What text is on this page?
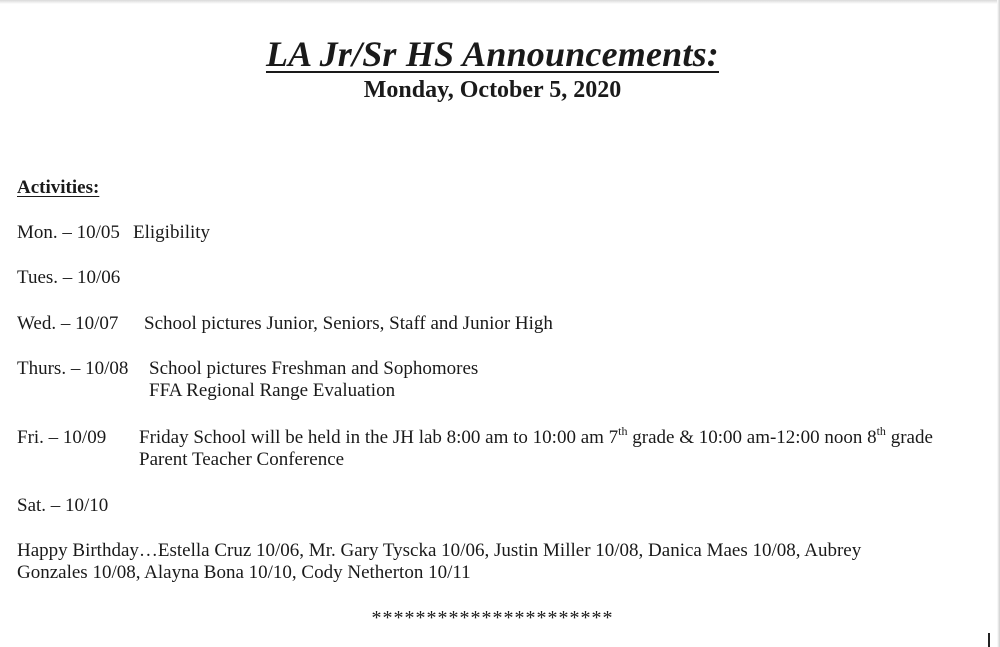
LA Jr/Sr HS Announcements:
Monday, October 5, 2020
Activities:
Mon. – 10/05 Eligibility
Tues. – 10/06
Wed. – 10/07 School pictures Junior, Seniors, Staff and Junior High
Thurs. – 10/08 School pictures Freshman and Sophomores
FFA Regional Range Evaluation
Fri. – 10/09 Friday School will be held in the JH lab 8:00 am to 10:00 am 7th grade & 10:00 am-12:00 noon 8th grade
Parent Teacher Conference
Sat. – 10/10

Happy Birthday…Estella Cruz 10/06, Mr. Gary Tyscka 10/06, Justin Miller 10/08, Danica Maes 10/08, Aubrey Gonzales 10/08, Alayna Bona 10/10, Cody Netherton 10/11

**********************
